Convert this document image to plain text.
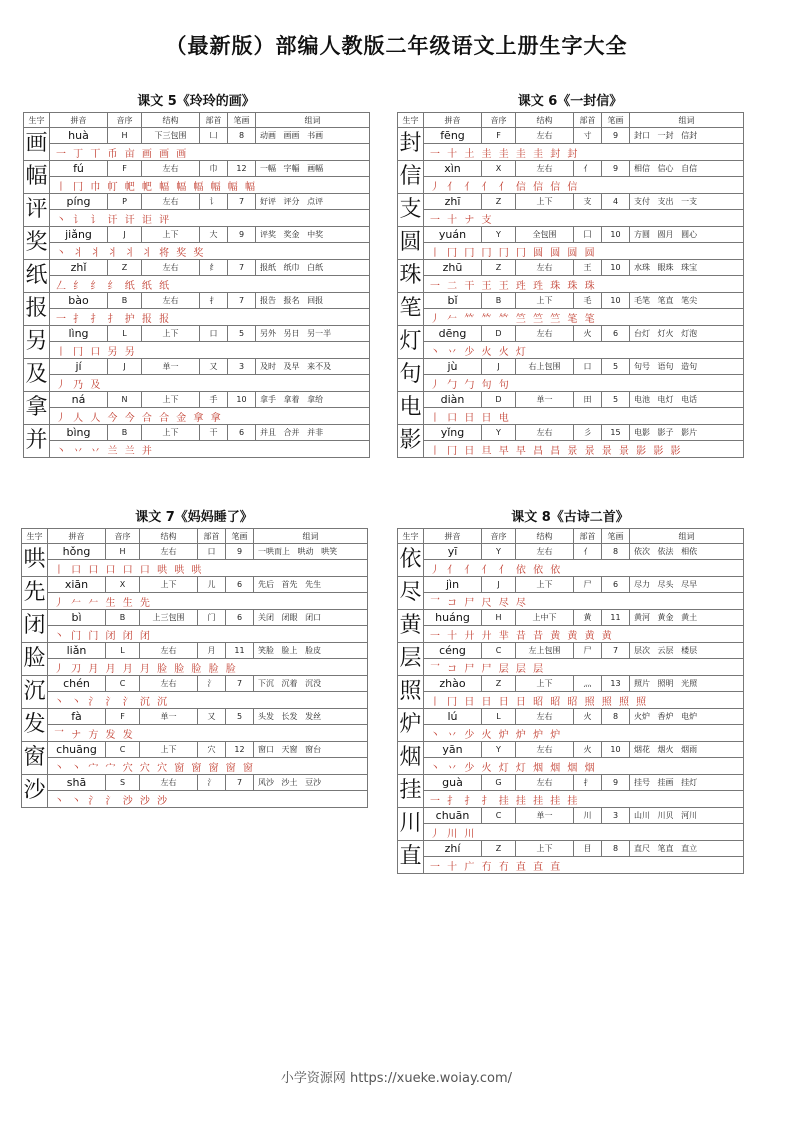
（最新版）部编人教版二年级语文上册生字大全
课文 5《玲玲的画》
生字	拼音	音序	结构	部首	笔画	组词
画	huà	H	下三包围	凵	8	动画 画画 书画
	一 丁 丅 币 亩 画 画 画					
幅	fú	F	左右	巾	12	一幅 字幅 画幅
	丨 冂 巾 帄 帊 帊 幅 幅 幅 幅 幅 幅					
评	píng	P	左右	讠	7	好评 评分 点评
	丶 讠 讠 讦 讦 讵 评					
奖	jiǎng	J	上下	大	9	评奖 奖金 中奖
	丶 丬 丬 丬 丬 丬 将 奖 奖					
纸	zhǐ	Z	左右	纟	7	报纸 纸巾 白纸
	𠃋 纟 纟 纟 纸 纸 纸					
报	bào	B	左右	扌	7	报告 报名 回报
	一 扌 扌 扌 护 报 报					
另	lìng	L	上下	口	5	另外 另日 另一半
	丨 冂 口 另 另					
及	jí	J	单一	又	3	及时 及早 来不及
	丿 乃 及					
拿	ná	N	上下	手	10	拿手 拿着 拿给
	丿 人 人 今 今 合 合 金 拿 拿					
并	bìng	B	上下	干	6	并且 合并 并非
	丶 丷 丷 兰 兰 并					
课文 6《一封信》
生字	拼音	音序	结构	部首	笔画	组词
封	fēng	F	左右	寸	9	封口 一封 信封
	一 十 土 圭 圭 圭 圭 封 封					
信	xìn	X	左右	亻	9	相信 信心 自信
	丿 亻 亻 亻 亻 信 信 信 信					
支	zhī	Z	上下	支	4	支付 支出 一支
	一 十 ナ 支					
圆	yuán	Y	全包围	囗	10	方圆 圆月 圆心
	丨 冂 冂 冂 冂 冂 圆 圆 圆 圆					
珠	zhū	Z	左右	王	10	水珠 眼珠 珠宝
	一 二 干 王 王 珄 珄 珠 珠 珠					
笔	bǐ	B	上下	毛	10	毛笔 笔直 笔尖
	丿 𠂉 𥫗 𥫗 𥫗 竺 竺 竺 笔 笔					
灯	dēng	D	左右	火	6	台灯 灯火 灯泡
	丶 丷 少 火 火 灯					
句	jù	J	右上包围	口	5	句号 语句 造句
	丿 勹 勹 句 句					
电	diàn	D	单一	田	5	电池 电灯 电话
	丨 口 日 日 电					
影	yǐng	Y	左右	彡	15	电影 影子 影片
	丨 冂 日 旦 早 早 昌 昌 景 景 景 景 影 影 影					
课文 7《妈妈睡了》
生字	拼音	音序	结构	部首	笔画	组词
哄	hǒng	H	左右	口	9	一哄而上 哄动 哄笑
	丨 口 口 口 口 口 哄 哄 哄					
先	xiān	X	上下	儿	6	先后 首先 先生
	丿 𠂉 𠂉 生 生 先					
闭	bì	B	上三包围	门	6	关闭 闭眼 闭口
	丶 门 门 闭 闭 闭					
脸	liǎn	L	左右	月	11	笑脸 脸上 脸皮
	丿 刀 月 月 月 月 脸 脸 脸 脸 脸					
沉	chén	C	左右	氵	7	下沉 沉着 沉没
	丶 丶 氵 氵 氵 沉 沉					
发	fà	F	单一	又	5	头发 长发 发丝
	乛 ナ 方 发 发					
窗	chuāng	C	上下	穴	12	窗口 天窗 窗台
	丶 丶 宀 宀 穴 穴 穴 窗 窗 窗 窗 窗					
沙	shā	S	左右	氵	7	风沙 沙土 豆沙
	丶 丶 氵 氵 沙 沙 沙					
课文 8《古诗二首》
生字	拼音	音序	结构	部首	笔画	组词
依	yī	Y	左右	亻	8	依次 依法 相依
	丿 亻 亻 亻 亻 依 依 依					
尽	jìn	J	上下	尸	6	尽力 尽头 尽早
	乛 コ 尸 尺 尽 尽					
黄	huáng	H	上中下	黄	11	黄河 黄金 黄土
	一 十 廾 廾 芈 昔 昔 黄 黄 黄 黄					
层	céng	C	左上包围	尸	7	层次 云层 楼层
	乛 コ 尸 尸 层 层 层					
照	zhào	Z	上下	灬	13	照片 照明 光照
	丨 冂 日 日 日 日 昭 昭 昭 照 照 照 照					
炉	lú	L	左右	火	8	火炉 香炉 电炉
	丶 丷 少 火 炉 炉 炉 炉					
烟	yān	Y	左右	火	10	烟花 烟火 烟雨
	丶 丷 少 火 灯 灯 烟 烟 烟 烟					
挂	guà	G	左右	扌	9	挂号 挂画 挂灯
	一 扌 扌 扌 挂 挂 挂 挂 挂					
川	chuān	C	单一	川	3	山川 川贝 河川
	丿 川 川					
直	zhí	Z	上下	目	8	直尺 笔直 直立
	一 十 广 冇 冇 直 直 直					
小学资源网 https://xueke.woiay.com/
